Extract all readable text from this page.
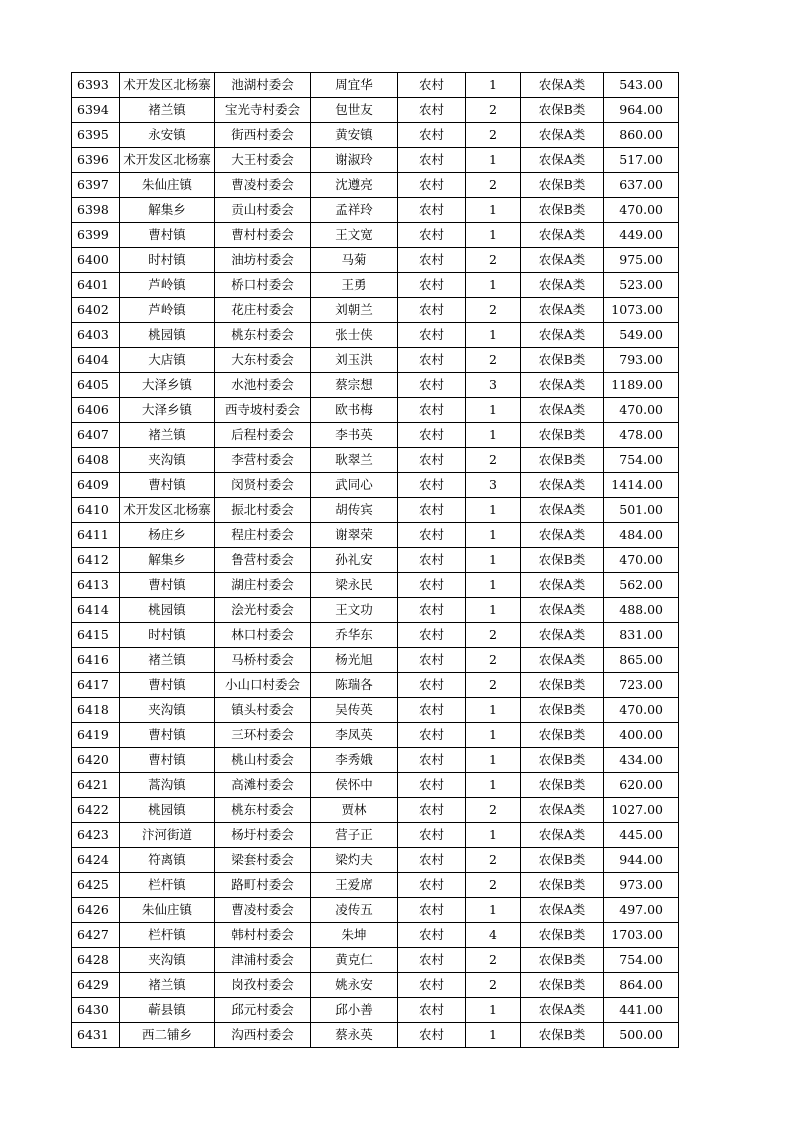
6393	术开发区北杨寨	池湖村委会	周宜华	农村	1	农保A类	543.00
6394	褚兰镇	宝光寺村委会	包世友	农村	2	农保B类	964.00
6395	永安镇	街西村委会	黄安镇	农村	2	农保A类	860.00
6396	术开发区北杨寨	大王村委会	谢淑玲	农村	1	农保A类	517.00
6397	朱仙庄镇	曹凌村委会	沈遵亮	农村	2	农保B类	637.00
6398	解集乡	贡山村委会	孟祥玲	农村	1	农保B类	470.00
6399	曹村镇	曹村村委会	王文宽	农村	1	农保A类	449.00
6400	时村镇	油坊村委会	马菊	农村	2	农保A类	975.00
6401	芦岭镇	桥口村委会	王勇	农村	1	农保A类	523.00
6402	芦岭镇	花庄村委会	刘朝兰	农村	2	农保A类	1073.00
6403	桃园镇	桃东村委会	张士侠	农村	1	农保A类	549.00
6404	大店镇	大东村委会	刘玉洪	农村	2	农保B类	793.00
6405	大泽乡镇	水池村委会	蔡宗想	农村	3	农保A类	1189.00
6406	大泽乡镇	西寺坡村委会	欧书梅	农村	1	农保A类	470.00
6407	褚兰镇	后程村委会	李书英	农村	1	农保B类	478.00
6408	夹沟镇	李营村委会	耿翠兰	农村	2	农保B类	754.00
6409	曹村镇	闵贤村委会	武同心	农村	3	农保A类	1414.00
6410	术开发区北杨寨	振北村委会	胡传宾	农村	1	农保A类	501.00
6411	杨庄乡	程庄村委会	谢翠荣	农村	1	农保A类	484.00
6412	解集乡	鲁营村委会	孙礼安	农村	1	农保B类	470.00
6413	曹村镇	湖庄村委会	梁永民	农村	1	农保A类	562.00
6414	桃园镇	浍光村委会	王文功	农村	1	农保A类	488.00
6415	时村镇	林口村委会	乔华东	农村	2	农保A类	831.00
6416	褚兰镇	马桥村委会	杨光旭	农村	2	农保A类	865.00
6417	曹村镇	小山口村委会	陈瑞各	农村	2	农保B类	723.00
6418	夹沟镇	镇头村委会	吴传英	农村	1	农保B类	470.00
6419	曹村镇	三环村委会	李凤英	农村	1	农保B类	400.00
6420	曹村镇	桃山村委会	李秀娥	农村	1	农保B类	434.00
6421	蒿沟镇	高滩村委会	侯怀中	农村	1	农保B类	620.00
6422	桃园镇	桃东村委会	贾林	农村	2	农保A类	1027.00
6423	汴河街道	杨圩村委会	营子正	农村	1	农保A类	445.00
6424	符离镇	梁套村委会	梁灼夫	农村	2	农保B类	944.00
6425	栏杆镇	路町村委会	王爱席	农村	2	农保B类	973.00
6426	朱仙庄镇	曹凌村委会	凌传五	农村	1	农保A类	497.00
6427	栏杆镇	韩村村委会	朱坤	农村	4	农保B类	1703.00
6428	夹沟镇	津浦村委会	黄克仁	农村	2	农保B类	754.00
6429	褚兰镇	岗孜村委会	姚永安	农村	2	农保B类	864.00
6430	蕲县镇	邱元村委会	邱小善	农村	1	农保A类	441.00
6431	西二铺乡	沟西村委会	蔡永英	农村	1	农保B类	500.00
